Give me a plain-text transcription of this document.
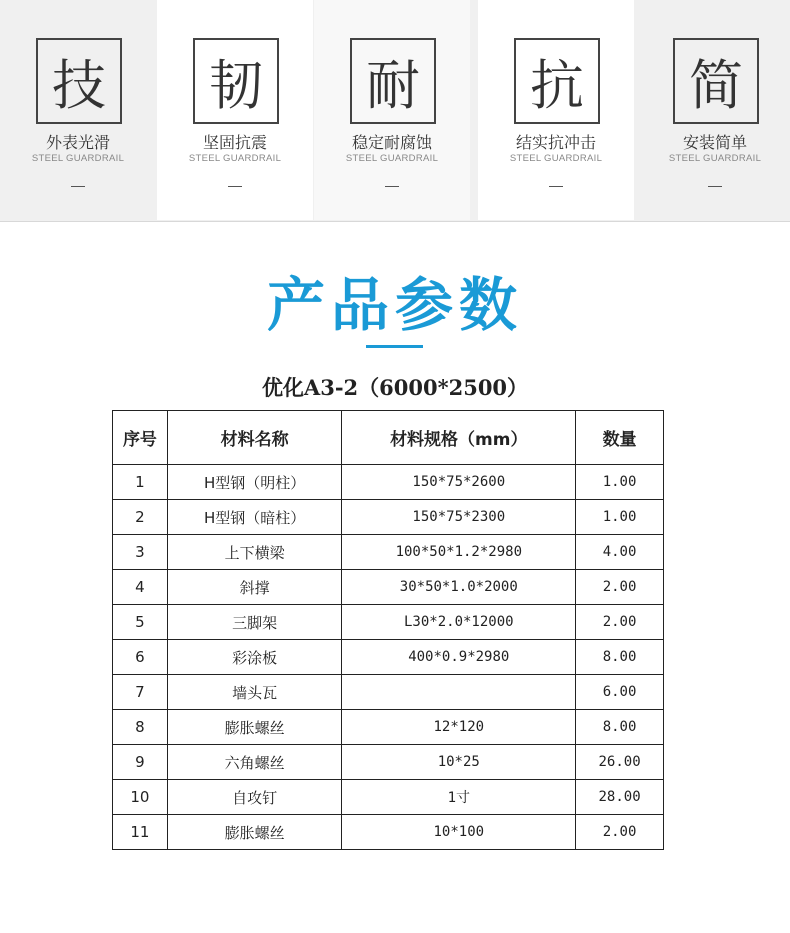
技
外表光滑
STEEL GUARDRAIL
韧
坚固抗震
STEEL GUARDRAIL
耐
稳定耐腐蚀
STEEL GUARDRAIL
抗
结实抗冲击
STEEL GUARDRAIL
简
安装简单
STEEL GUARDRAIL
产品参数
优化A3-2（6000*2500）
序号	材料名称	材料规格（mm）	数量
1	H型钢（明柱）	150*75*2600	1.00
2	H型钢（暗柱）	150*75*2300	1.00
3	上下横梁	100*50*1.2*2980	4.00
4	斜撑	30*50*1.0*2000	2.00
5	三脚架	L30*2.0*12000	2.00
6	彩涂板	400*0.9*2980	8.00
7	墙头瓦		6.00
8	膨胀螺丝	12*120	8.00
9	六角螺丝	10*25	26.00
10	自攻钉	1寸	28.00
11	膨胀螺丝	10*100	2.00
